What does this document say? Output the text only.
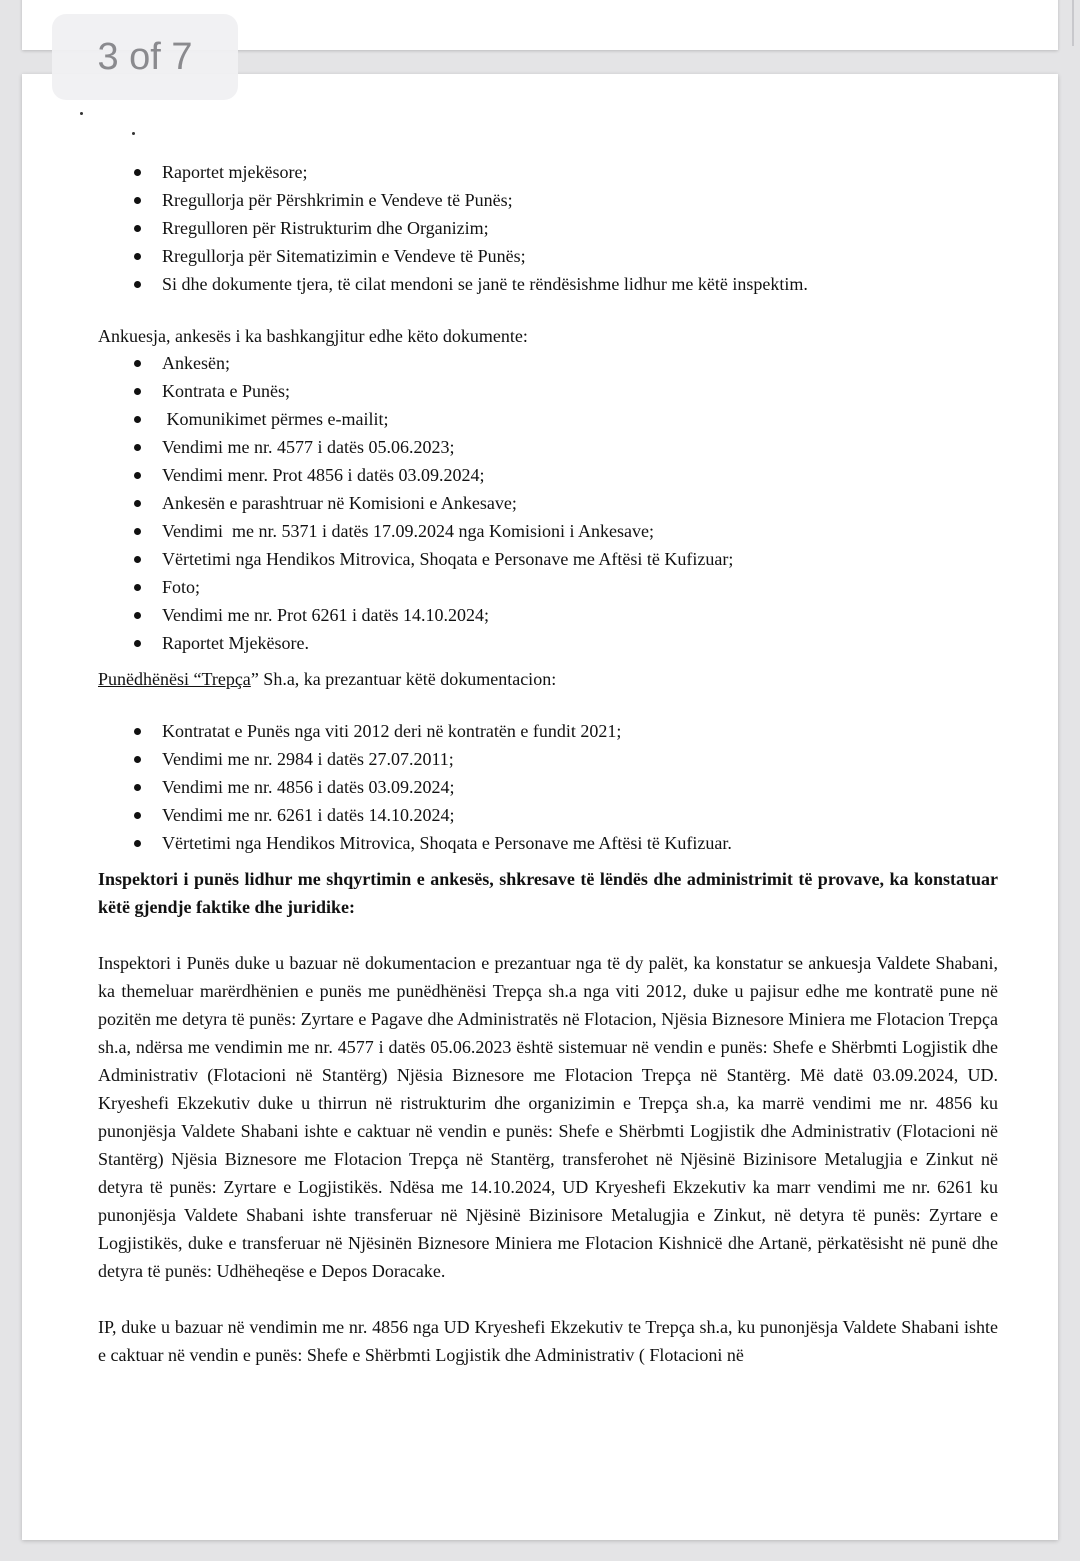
3 of 7
Raportet mjekësore;
Rregullorja për Përshkrimin e Vendeve të Punës;
Rregulloren për Ristrukturim dhe Organizim;
Rregullorja për Sitematizimin e Vendeve të Punës;
Si dhe dokumente tjera, të cilat mendoni se janë te rëndësishme lidhur me këtë inspektim.

Ankuesja, ankesës i ka bashkangjitur edhe këto dokumente:

Ankesën;
Kontrata e Punës;
Komunikimet përmes e-mailit;
Vendimi me nr. 4577 i datës 05.06.2023;
Vendimi menr. Prot 4856 i datës 03.09.2024;
Ankesën e parashtruar në Komisioni e Ankesave;
Vendimi  me nr. 5371 i datës 17.09.2024 nga Komisioni i Ankesave;
Vërtetimi nga Hendikos Mitrovica, Shoqata e Personave me Aftësi të Kufizuar;
Foto;
Vendimi me nr. Prot 6261 i datës 14.10.2024;
Raportet Mjekësore.

Punëdhënësi “Trepça” Sh.a, ka prezantuar këtë dokumentacion:

Kontratat e Punës nga viti 2012 deri në kontratën e fundit 2021;
Vendimi me nr. 2984 i datës 27.07.2011;
Vendimi me nr. 4856 i datës 03.09.2024;
Vendimi me nr. 6261 i datës 14.10.2024;
Vërtetimi nga Hendikos Mitrovica, Shoqata e Personave me Aftësi të Kufizuar.

Inspektori i punës lidhur me shqyrtimin e ankesës, shkresave të lëndës dhe administrimit të provave, ka konstatuar këtë gjendje faktike dhe juridike:

Inspektori i Punës duke u bazuar në dokumentacion e prezantuar nga të dy palët, ka konstatur se ankuesja Valdete Shabani, ka themeluar marërdhënien e punës me punëdhënësi Trepça sh.a nga viti 2012, duke u pajisur edhe me kontratë pune në pozitën me detyra të punës: Zyrtare e Pagave dhe Administratës në Flotacion, Njësia Biznesore Miniera me Flotacion Trepça sh.a, ndërsa me vendimin me nr. 4577 i datës 05.06.2023 është sistemuar në vendin e punës: Shefe e Shërbmti Logjistik dhe Administrativ (Flotacioni në Stantërg) Njësia Biznesore me Flotacion Trepça në Stantërg. Më datë 03.09.2024, UD. Kryeshefi Ekzekutiv duke u thirrun në ristrukturim dhe organizimin e Trepça sh.a, ka marrë vendimi me nr. 4856 ku punonjësja Valdete Shabani ishte e caktuar në vendin e punës: Shefe e Shërbmti Logjistik dhe Administrativ (Flotacioni në Stantërg) Njësia Biznesore me Flotacion Trepça në Stantërg, transferohet në Njësinë Bizinisore Metalugjia e Zinkut në detyra të punës: Zyrtare e Logjistikës. Ndësa me 14.10.2024, UD Kryeshefi Ekzekutiv ka marr vendimi me nr. 6261 ku punonjësja Valdete Shabani ishte transferuar në Njësinë Bizinisore Metalugjia e Zinkut, në detyra të punës: Zyrtare e Logjistikës, duke e transferuar në Njësinën Biznesore Miniera me Flotacion Kishnicë dhe Artanë, përkatësisht në punë dhe detyra të punës: Udhëheqëse e Depos Doracake.

IP, duke u bazuar në vendimin me nr. 4856 nga UD Kryeshefi Ekzekutiv te Trepça sh.a, ku punonjësja Valdete Shabani ishte e caktuar në vendin e punës: Shefe e Shërbmti Logjistik dhe Administrativ ( Flotacioni në
